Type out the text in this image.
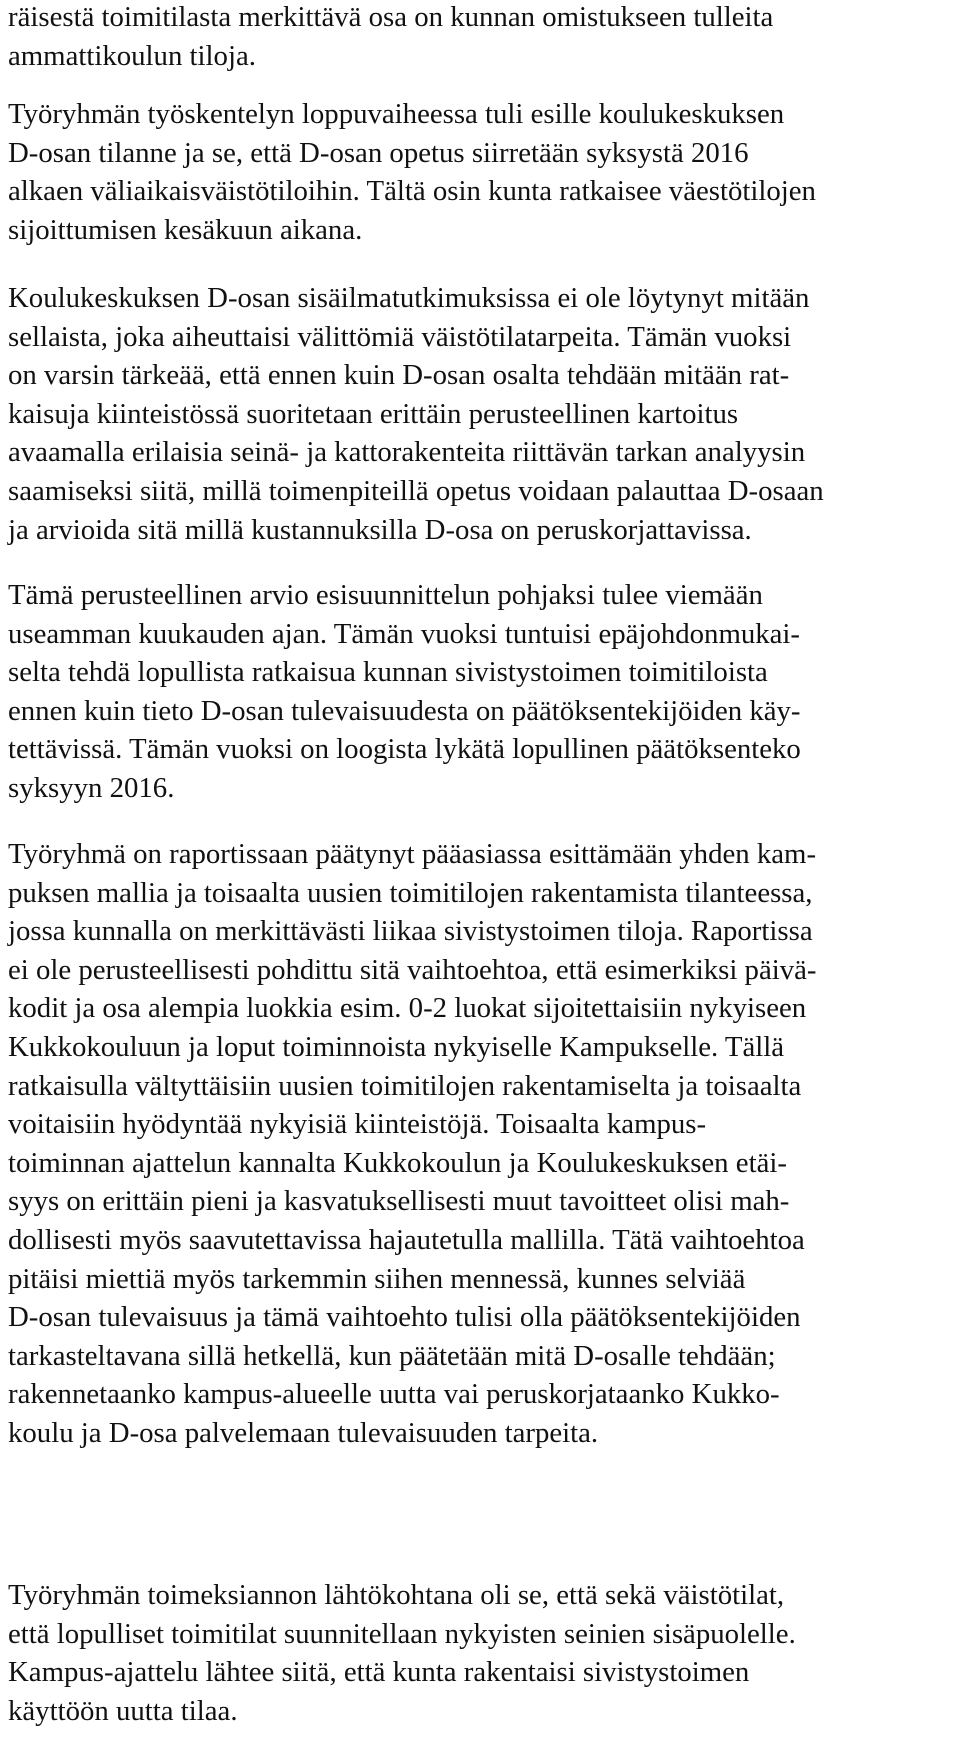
räisestä toimitilasta merkittävä osa on kunnan omistukseen tulleita
ammattikoulun tiloja.
Työryhmän työskentelyn loppuvaiheessa tuli esille koulukeskuksen
D-osan tilanne ja se, että D-osan opetus siirretään syksystä 2016
alkaen väliaikaisväistötiloihin. Tältä osin kunta ratkaisee väestötilojen
sijoittumisen kesäkuun aikana.
Koulukeskuksen D-osan sisäilmatutkimuksissa ei ole löytynyt mitään
sellaista, joka aiheuttaisi välittömiä väistötilatarpeita. Tämän vuoksi
on varsin tärkeää, että ennen kuin D-osan osalta tehdään mitään rat-
kaisuja kiinteistössä suoritetaan erittäin perusteellinen kartoitus
avaamalla erilaisia seinä- ja kattorakenteita riittävän tarkan analyysin
saamiseksi siitä, millä toimenpiteillä opetus voidaan palauttaa D-osaan
ja arvioida sitä millä kustannuksilla D-osa on peruskorjattavissa.
Tämä perusteellinen arvio esisuunnittelun pohjaksi tulee viemään
useamman kuukauden ajan. Tämän vuoksi tuntuisi epäjohdonmukai-
selta tehdä lopullista ratkaisua kunnan sivistystoimen toimitiloista
ennen kuin tieto D-osan tulevaisuudesta on päätöksentekijöiden käy-
tettävissä. Tämän vuoksi on loogista lykätä lopullinen päätöksenteko
syksyyn 2016.
Työryhmä on raportissaan päätynyt pääasiassa esittämään yhden kam-
puksen mallia ja toisaalta uusien toimitilojen rakentamista tilanteessa,
jossa kunnalla on merkittävästi liikaa sivistystoimen tiloja. Raportissa
ei ole perusteellisesti pohdittu sitä vaihtoehtoa, että esimerkiksi päivä-
kodit ja osa alempia luokkia esim. 0-2 luokat sijoitettaisiin nykyiseen
Kukkokouluun ja loput toiminnoista nykyiselle Kampukselle. Tällä
ratkaisulla vältyttäisiin uusien toimitilojen rakentamiselta ja toisaalta
voitaisiin hyödyntää nykyisiä kiinteistöjä. Toisaalta kampus-
toiminnan ajattelun kannalta Kukkokoulun ja Koulukeskuksen etäi-
syys on erittäin pieni ja kasvatuksellisesti muut tavoitteet olisi mah-
dollisesti myös saavutettavissa hajautetulla mallilla. Tätä vaihtoehtoa
pitäisi miettiä myös tarkemmin siihen mennessä, kunnes selviää
D-osan tulevaisuus ja tämä vaihtoehto tulisi olla päätöksentekijöiden
tarkasteltavana sillä hetkellä, kun päätetään mitä D-osalle tehdään;
rakennetaanko kampus-alueelle uutta vai peruskorjataanko Kukko-
koulu ja D-osa palvelemaan tulevaisuuden tarpeita.
Työryhmän toimeksiannon lähtökohtana oli se, että sekä väistötilat,
että lopulliset toimitilat suunnitellaan nykyisten seinien sisäpuolelle.
Kampus-ajattelu lähtee siitä, että kunta rakentaisi sivistystoimen
käyttöön uutta tilaa.
